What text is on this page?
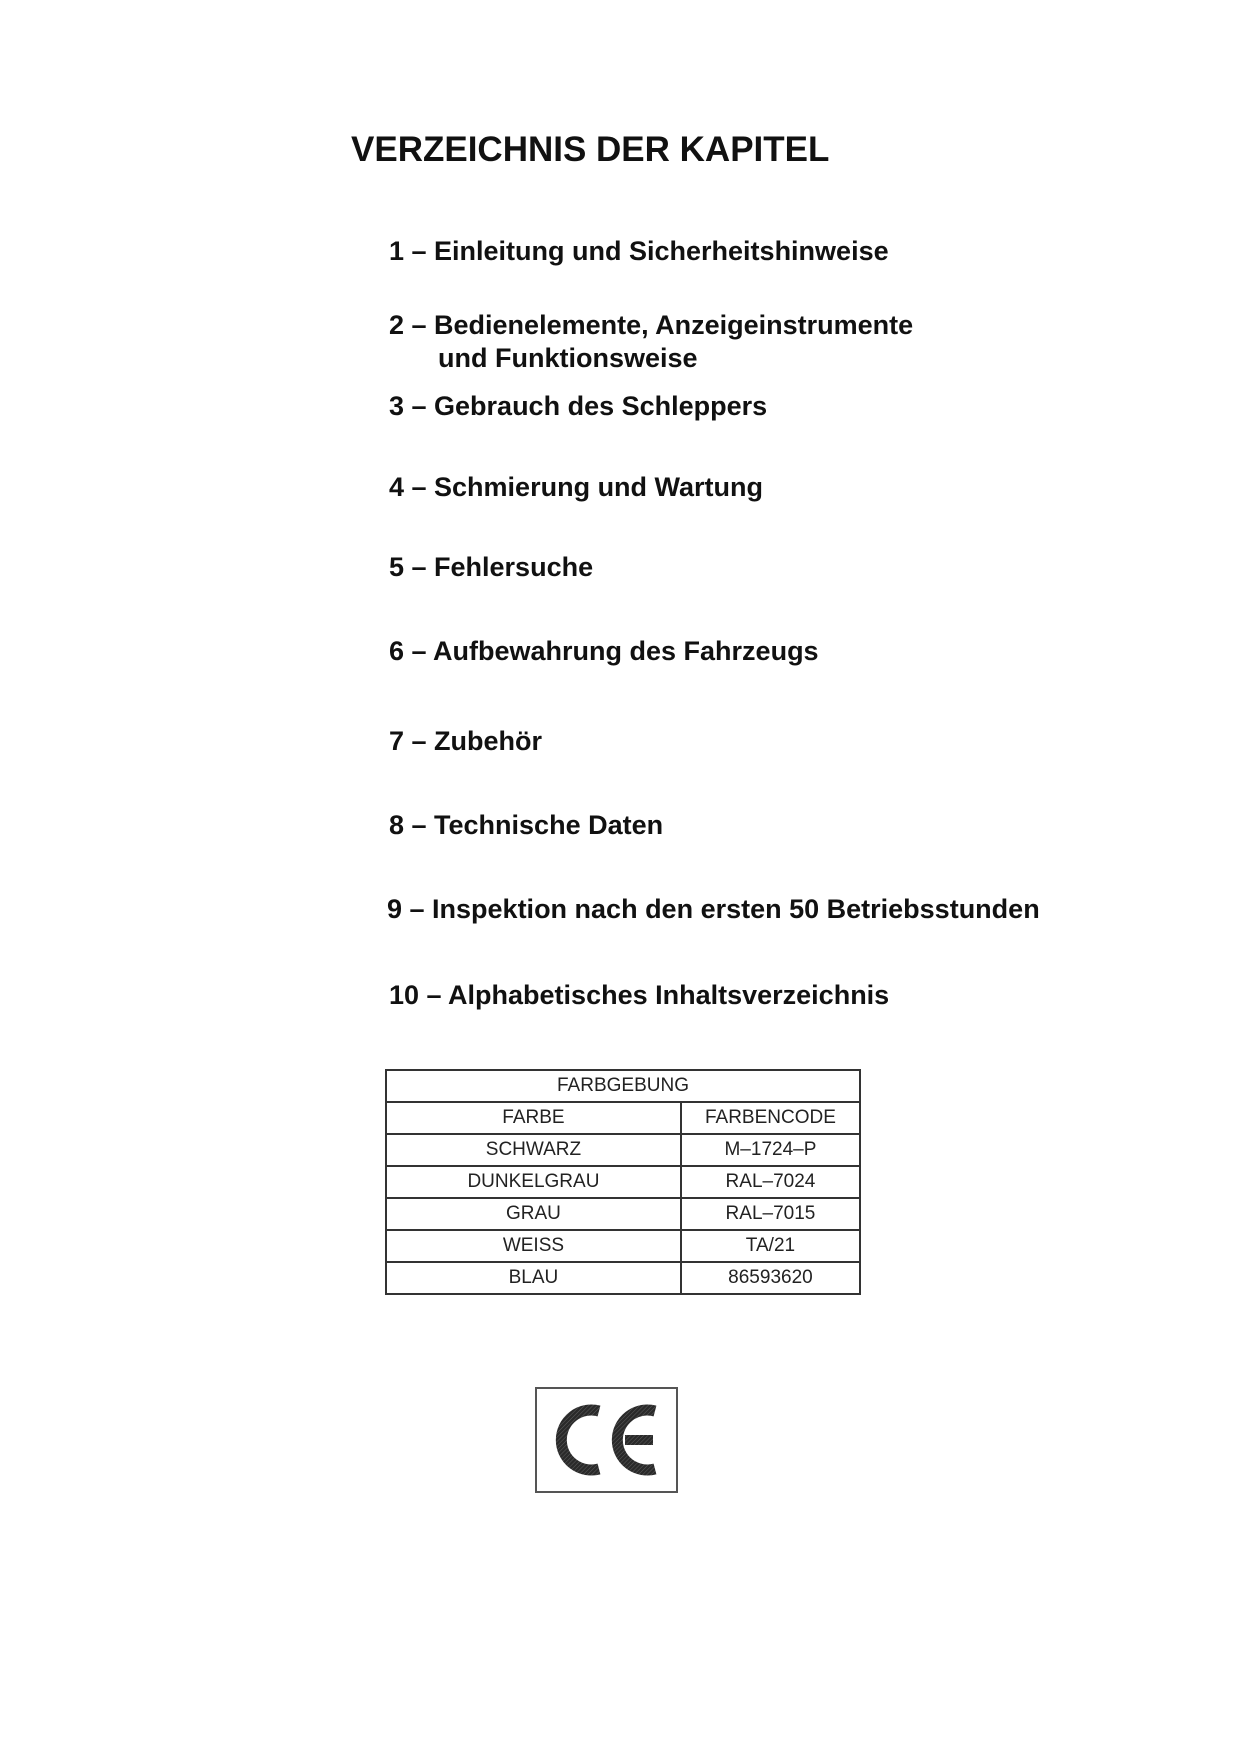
VERZEICHNIS DER KAPITEL
1 – Einleitung und Sicherheitshinweise
2 – Bedienelemente, Anzeigeinstrumente
und Funktionsweise
3 – Gebrauch des Schleppers
4 – Schmierung und Wartung
5 – Fehlersuche
6 – Aufbewahrung des Fahrzeugs
7 – Zubehör
8 – Technische Daten
9 – Inspektion nach den ersten 50 Betriebsstunden
10 – Alphabetisches Inhaltsverzeichnis
FARBGEBUNG	
FARBE	FARBENCODE
SCHWARZ	M–1724–P
DUNKELGRAU	RAL–7024
GRAU	RAL–7015
WEISS	TA/21
BLAU	86593620
